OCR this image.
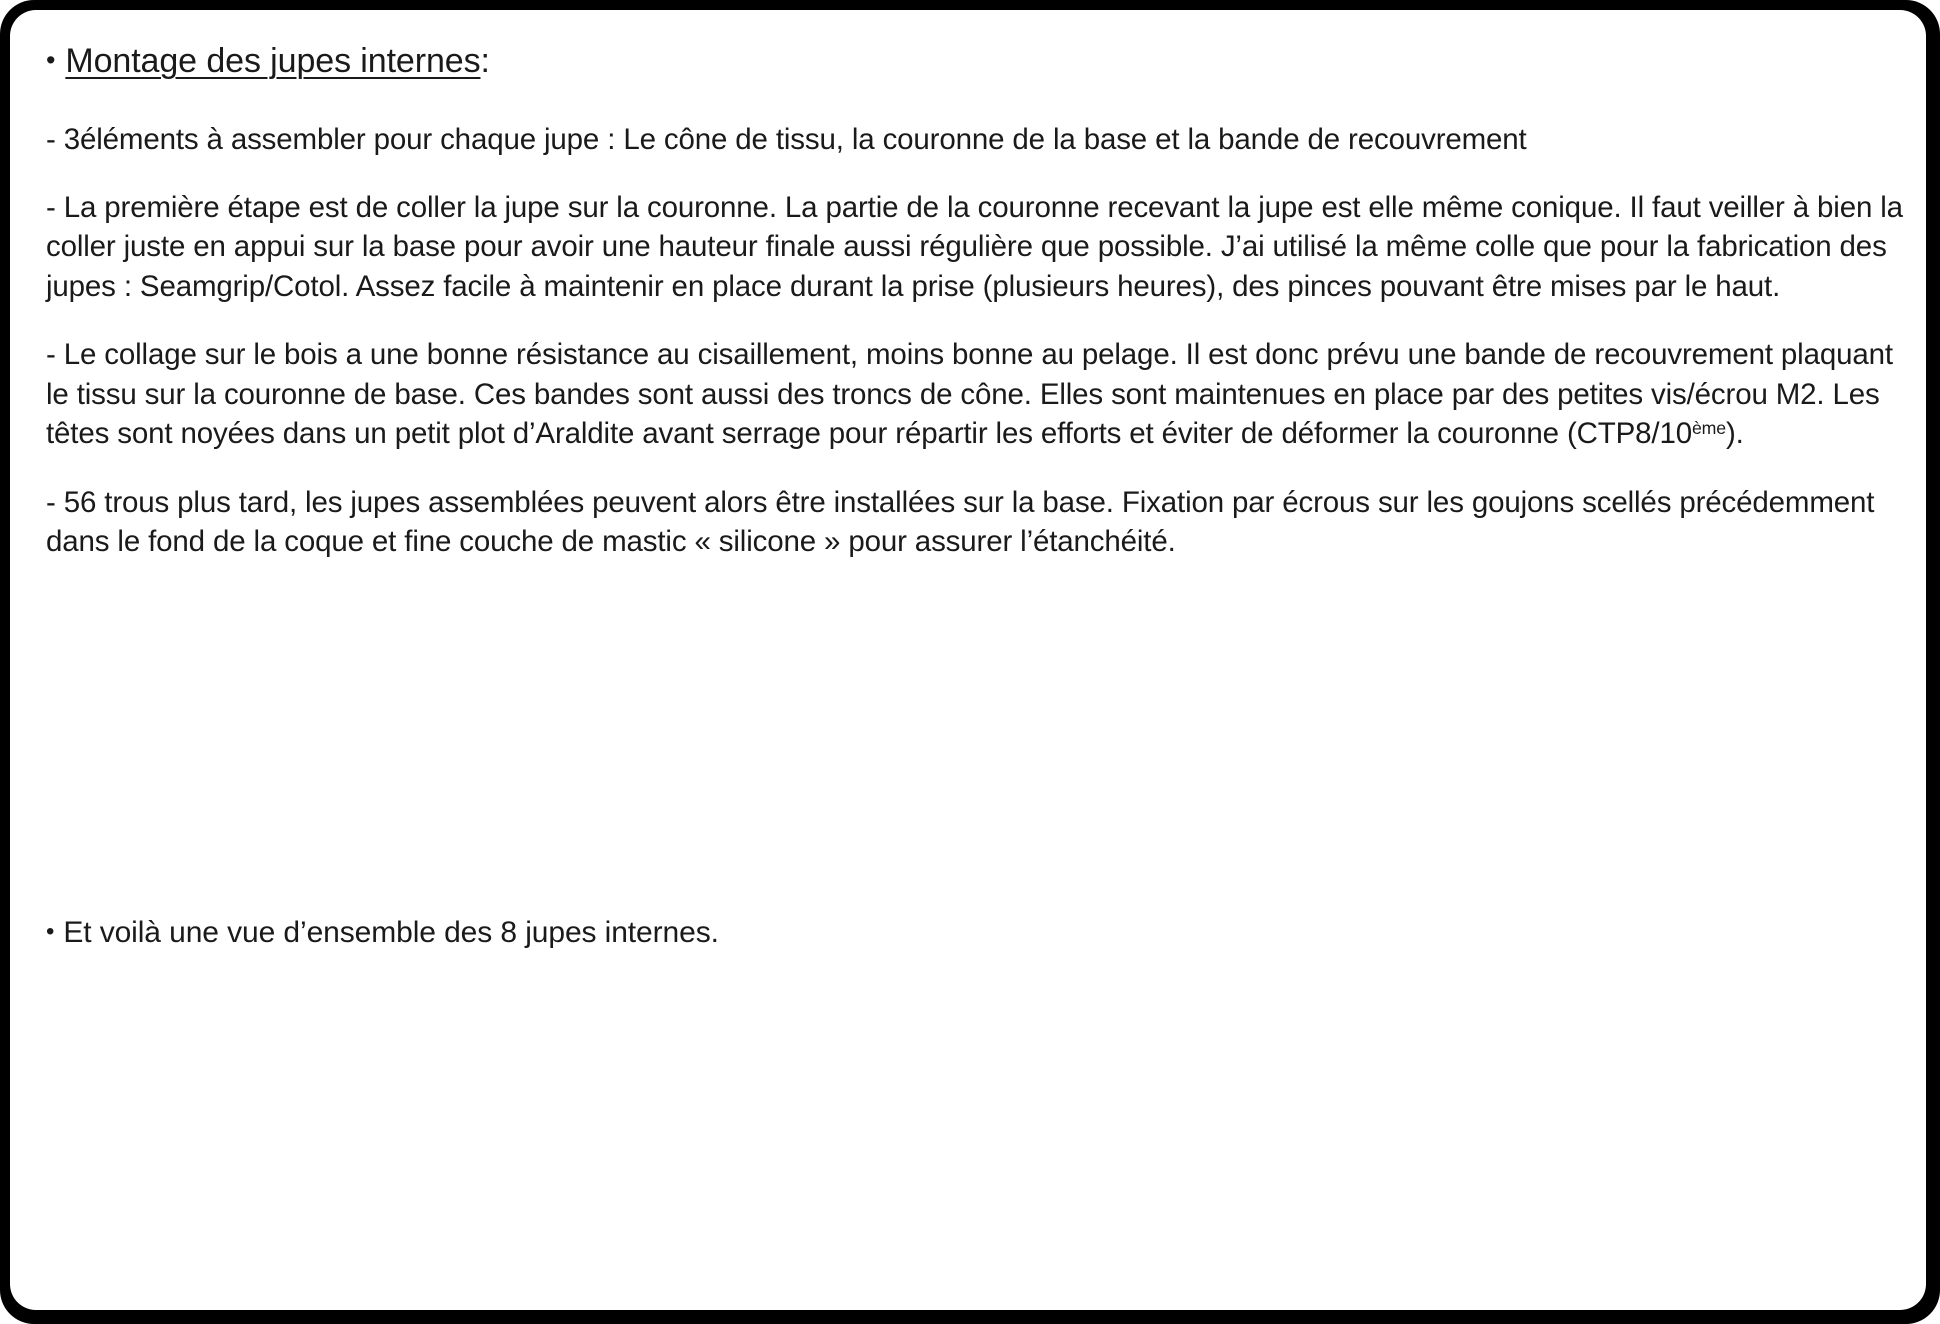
• Montage des jupes internes:

- 3éléments à assembler pour chaque jupe : Le cône de tissu, la couronne de la base et la bande de recouvrement

- La première étape est de coller la jupe sur la couronne. La partie de la couronne recevant la jupe est elle même conique. Il faut veiller à bien la coller juste en appui sur la base pour avoir une hauteur finale aussi régulière que possible. J’ai utilisé la même colle que pour la fabrication des jupes : Seamgrip/Cotol. Assez facile à maintenir en place durant la prise (plusieurs heures), des pinces pouvant être mises par le haut.

- Le collage sur le bois a une bonne résistance au cisaillement, moins bonne au pelage. Il est donc prévu une bande de recouvrement plaquant le tissu sur la couronne de base. Ces bandes sont aussi des troncs de cône. Elles sont maintenues en place par des petites vis/écrou M2. Les têtes sont noyées dans un petit plot d’Araldite avant serrage pour répartir les efforts et éviter de déformer la couronne (CTP8/10ème).

- 56 trous plus tard, les jupes assemblées peuvent alors être installées sur la base. Fixation par écrous sur les goujons scellés précédemment dans le fond de la coque et fine couche de mastic « silicone » pour assurer l’étanchéité.

• Et voilà une vue d’ensemble des 8 jupes internes.
